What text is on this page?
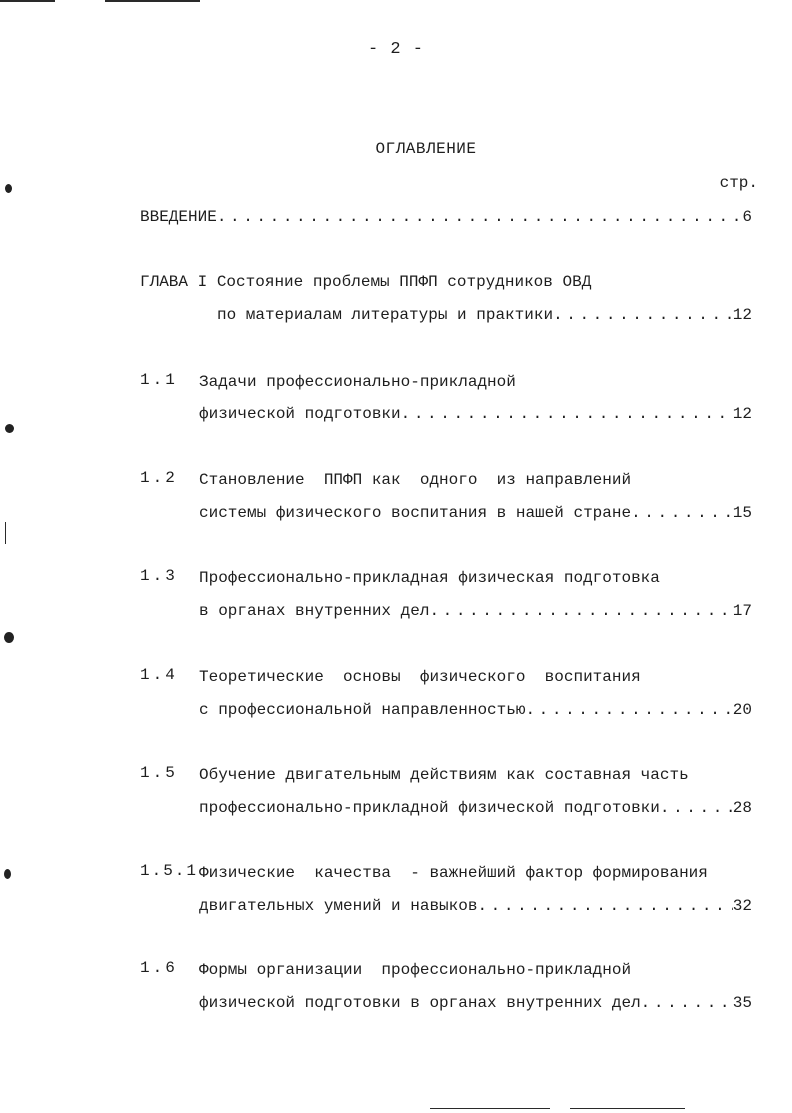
- 2 -
ОГЛАВЛЕНИЕ
стр.
ВВЕДЕНИЕ . . .	6
ГЛАВА I Состояние проблемы ППФП сотрудников ОВД
по материалам литературы и практики . . .	12
1.1 Задачи профессионально-прикладной
физической подготовки . . .	12
1.2 Становление  ППФП как  одного  из направлений
системы физического воспитания в нашей стране . . .	15
1.3 Профессионально-прикладная физическая подготовка
в органах внутренних дел . . .	17
1.4 Теоретические  основы  физического  воспитания
с профессиональной направленностью . . .	20
1.5 Обучение двигательным действиям как составная часть
профессионально-прикладной физической подготовки . . .	28
1.5.1 Физические  качества  - важнейший фактор формирования
двигательных умений и навыков . . .	32
1.6 Формы организации  профессионально-прикладной
физической подготовки в органах внутренних дел . . .	35
